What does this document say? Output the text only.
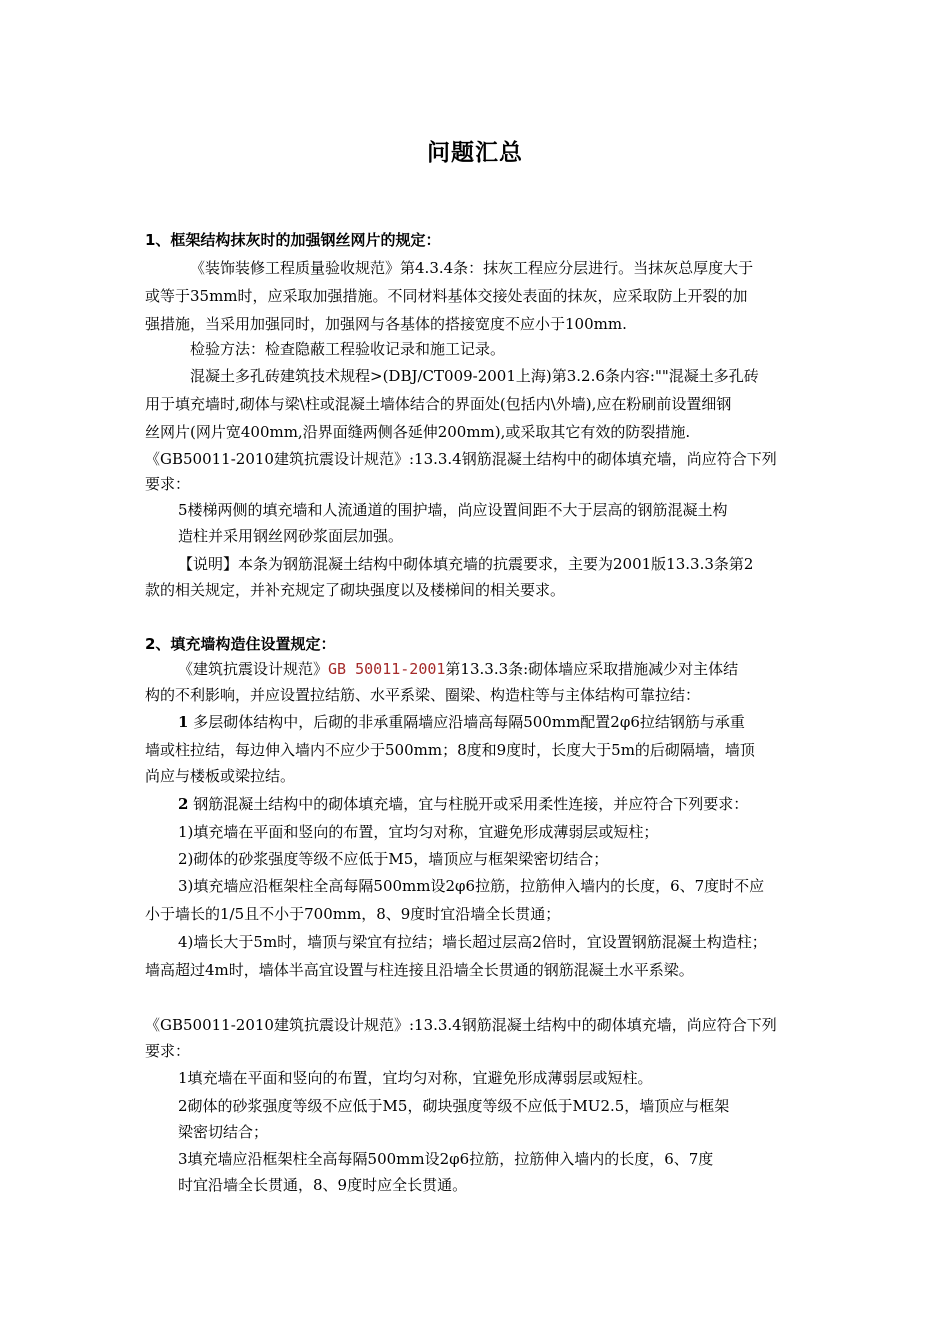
问题汇总
1、框架结构抹灰时的加强钢丝网片的规定：
《装饰装修工程质量验收规范》第4.3.4条：抹灰工程应分层进行。当抹灰总厚度大于
或等于35mm时，应采取加强措施。不同材料基体交接处表面的抹灰，应采取防上开裂的加
强措施，当采用加强同时，加强网与各基体的搭接宽度不应小于100mm.
检验方法：检查隐蔽工程验收记录和施工记录。
混凝土多孔砖建筑技术规程>(DBJ/CT009-2001上海)第3.2.6条内容:""混凝土多孔砖
用于填充墙时,砌体与梁\柱或混凝土墙体结合的界面处(包括内\外墙),应在粉刷前设置细钢
丝网片(网片宽400mm,沿界面缝两侧各延伸200mm),或采取其它有效的防裂措施.
《GB50011-2010建筑抗震设计规范》:13.3.4钢筋混凝土结构中的砌体填充墙，尚应符合下列
要求：
5楼梯两侧的填充墙和人流通道的围护墙，尚应设置间距不大于层高的钢筋混凝土构
造柱并采用钢丝网砂浆面层加强。
【说明】本条为钢筋混凝土结构中砌体填充墙的抗震要求，主要为2001版13.3.3条第2
款的相关规定，并补充规定了砌块强度以及楼梯间的相关要求。
2、填充墙构造住设置规定：
《建筑抗震设计规范》GB 50011-2001第13.3.3条:砌体墙应采取措施减少对主体结
构的不利影响，并应设置拉结筋、水平系梁、圈梁、构造柱等与主体结构可靠拉结：
1 多层砌体结构中，后砌的非承重隔墙应沿墙高每隔500mm配置2φ6拉结钢筋与承重
墙或柱拉结，每边伸入墙内不应少于500mm；8度和9度时，长度大于5m的后砌隔墙，墙顶
尚应与楼板或梁拉结。
2 钢筋混凝土结构中的砌体填充墙，宜与柱脱开或采用柔性连接，并应符合下列要求：
1)填充墙在平面和竖向的布置，宜均匀对称，宜避免形成薄弱层或短柱；
2)砌体的砂浆强度等级不应低于M5，墙顶应与框架梁密切结合；
3)填充墙应沿框架柱全高每隔500mm设2φ6拉筋，拉筋伸入墙内的长度，6、7度时不应
小于墙长的1/5且不小于700mm，8、9度时宜沿墙全长贯通；
4)墙长大于5m时，墙顶与梁宜有拉结；墙长超过层高2倍时，宜设置钢筋混凝土构造柱；
墙高超过4m时，墙体半高宜设置与柱连接且沿墙全长贯通的钢筋混凝土水平系梁。
《GB50011-2010建筑抗震设计规范》:13.3.4钢筋混凝土结构中的砌体填充墙，尚应符合下列
要求：
1填充墙在平面和竖向的布置，宜均匀对称，宜避免形成薄弱层或短柱。
2砌体的砂浆强度等级不应低于M5，砌块强度等级不应低于MU2.5，墙顶应与框架
梁密切结合；
3填充墙应沿框架柱全高每隔500mm设2φ6拉筋，拉筋伸入墙内的长度，6、7度
时宜沿墙全长贯通，8、9度时应全长贯通。
